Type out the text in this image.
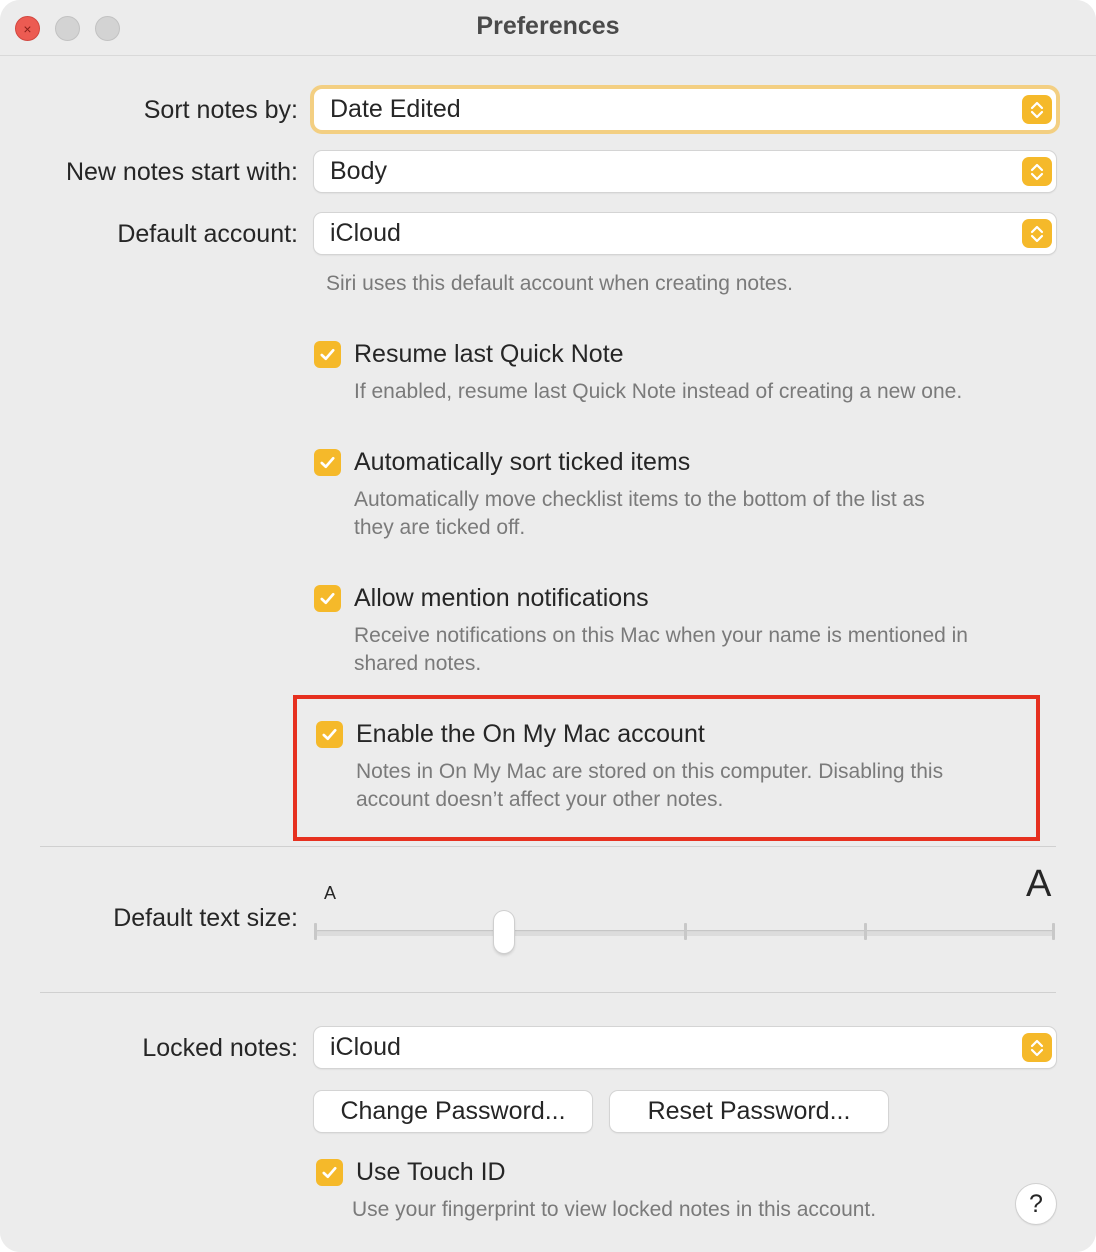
×	Preferences
Sort notes by: Date Edited
New notes start with: Body
Default account: iCloud
Siri uses this default account when creating notes.
Resume last Quick Note
If enabled, resume last Quick Note instead of creating a new one.
Automatically sort ticked items
Automatically move checklist items to the bottom of the list as
they are ticked off.
Allow mention notifications
Receive notifications on this Mac when your name is mentioned in
shared notes.
Enable the On My Mac account
Notes in On My Mac are stored on this computer. Disabling this
account doesn’t affect your other notes.
Default text size:
A	A
Locked notes: iCloud
Change Password...	Reset Password...
Use Touch ID
Use your fingerprint to view locked notes in this account.	?
